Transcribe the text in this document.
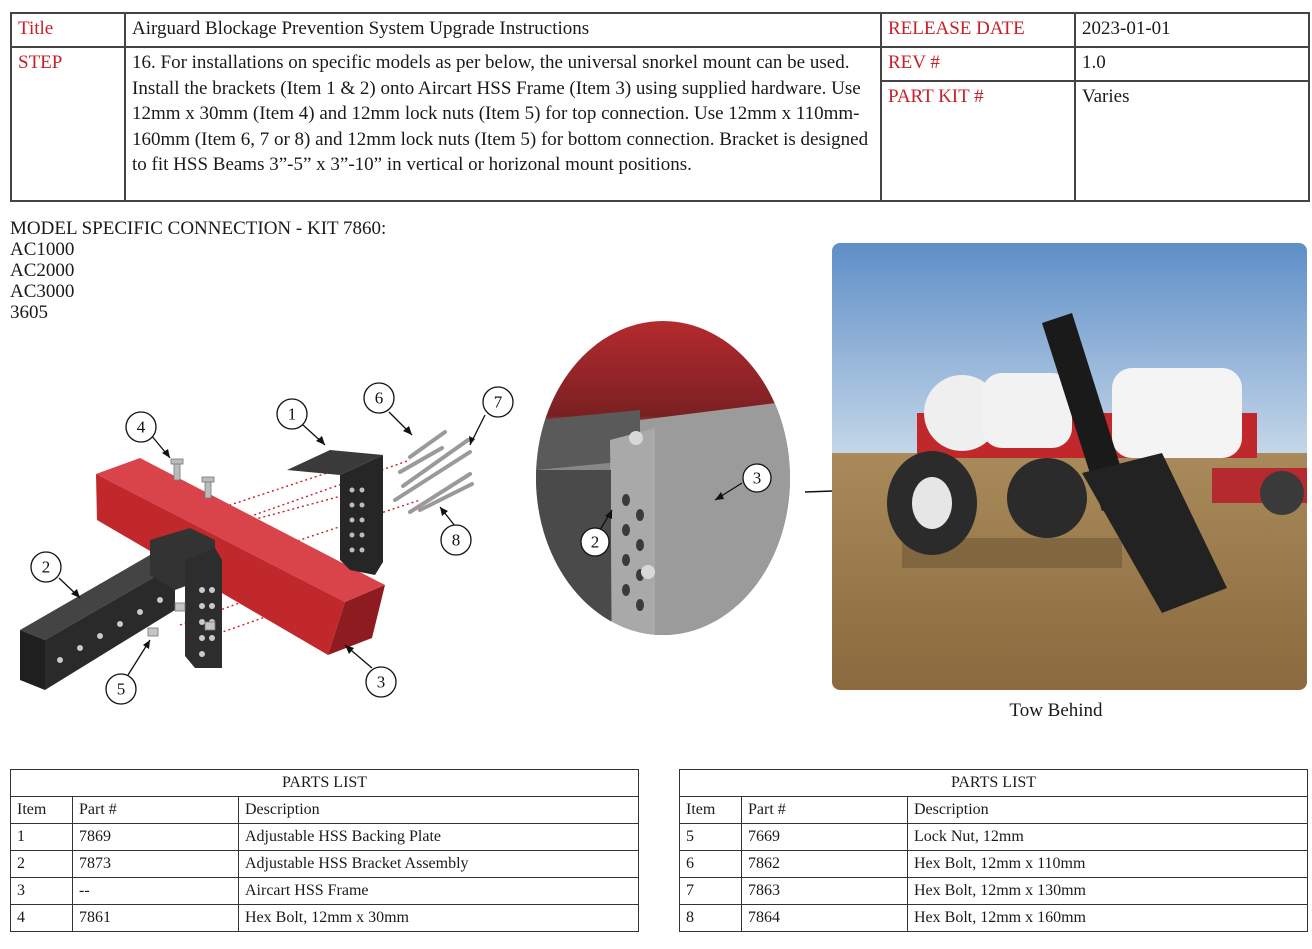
Title	Airguard Blockage Prevention System Upgrade Instructions	RELEASE DATE	2023-01-01
STEP	16. For installations on specific models as per below, the universal snorkel mount can be used. Install the brackets (Item 1 & 2) onto Aircart HSS Frame (Item 3) using supplied hardware. Use 12mm x 30mm (Item 4) and 12mm lock nuts (Item 5) for top connection. Use 12mm x 110mm-160mm (Item 6, 7 or 8) and 12mm lock nuts (Item 5) for bottom connection. Bracket is designed to fit HSS Beams 3”-5” x 3”-10” in vertical or horizonal mount positions.	REV #	1.0
		PART KIT #	Varies
MODEL SPECIFIC CONNECTION - KIT 7860:
AC1000
AC2000
AC3000
3605
1
2
3
4
5
6	7
8
3
2
Tow Behind
PARTS LIST		
Item	Part #	Description
1	7869	Adjustable HSS Backing Plate
2	7873	Adjustable HSS Bracket Assembly
3	--	Aircart HSS Frame
4	7861	Hex Bolt, 12mm x 30mm
PARTS LIST		
Item	Part #	Description
5	7669	Lock Nut, 12mm
6	7862	Hex Bolt, 12mm x 110mm
7	7863	Hex Bolt, 12mm x 130mm
8	7864	Hex Bolt, 12mm x 160mm
